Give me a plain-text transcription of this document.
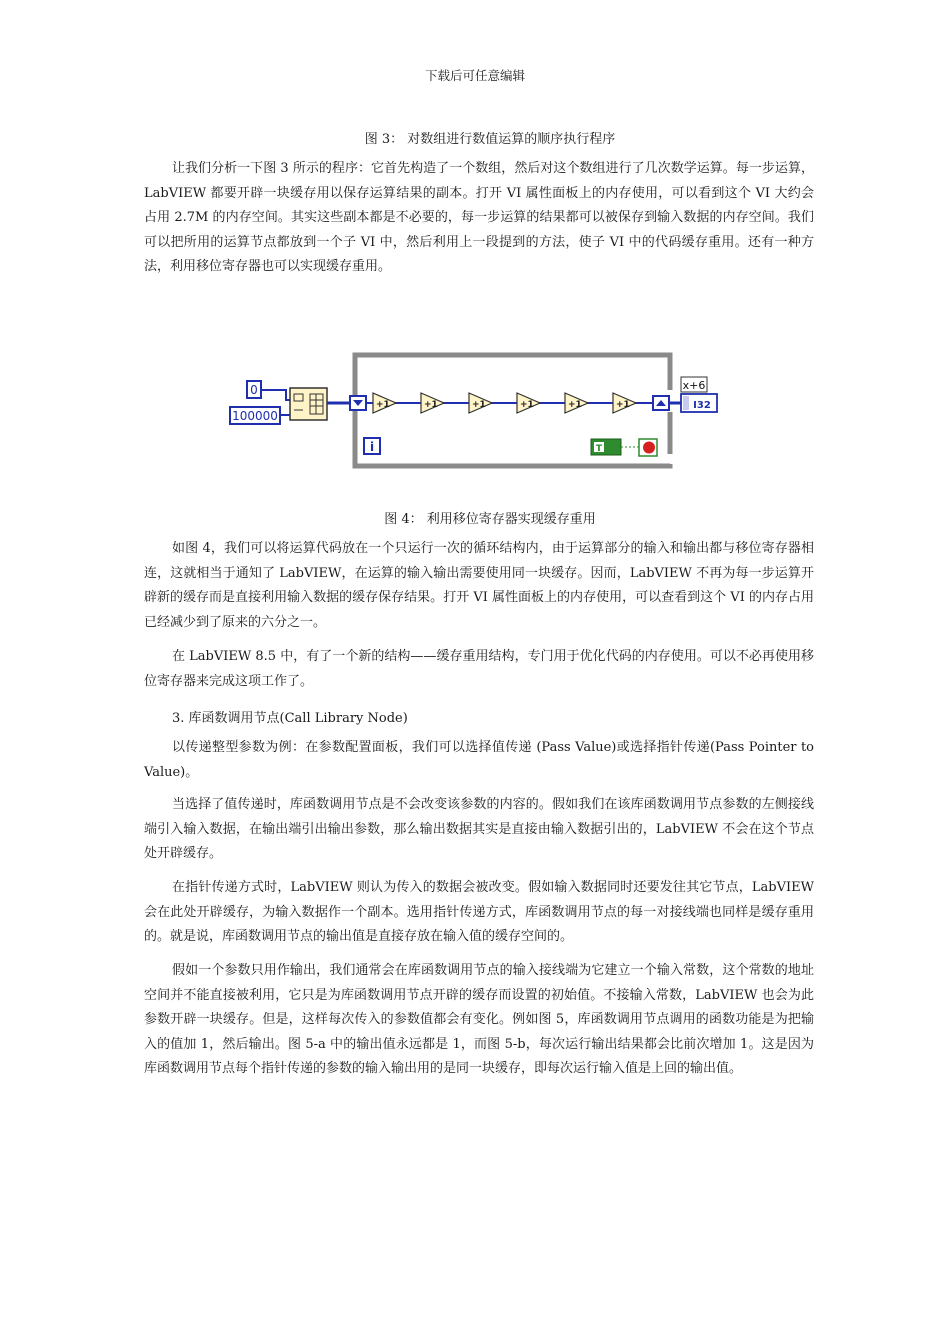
下载后可任意编辑
图 3： 对数组进行数值运算的顺序执行程序

让我们分析一下图 3 所示的程序：它首先构造了一个数组，然后对这个数组进行了几次数学运算。每一步运算，LabVIEW 都要开辟一块缓存用以保存运算结果的副本。打开 VI 属性面板上的内存使用，可以看到这个 VI 大约会占用 2.7M 的内存空间。其实这些副本都是不必要的，每一步运算的结果都可以被保存到输入数据的内存空间。我们可以把所用的运算节点都放到一个子 VI 中，然后利用上一段提到的方法，使子 VI 中的代码缓存重用。还有一种方法，利用移位寄存器也可以实现缓存重用。

0
100000
+1	+1	+1	+1	+1	+1
x+6
I32
i	T
图 4： 利用移位寄存器实现缓存重用

如图 4，我们可以将运算代码放在一个只运行一次的循环结构内，由于运算部分的输入和输出都与移位寄存器相连，这就相当于通知了 LabVIEW，在运算的输入输出需要使用同一块缓存。因而，LabVIEW 不再为每一步运算开辟新的缓存而是直接利用输入数据的缓存保存结果。打开 VI 属性面板上的内存使用，可以查看到这个 VI 的内存占用已经减少到了原来的六分之一。

在 LabVIEW 8.5 中，有了一个新的结构——缓存重用结构，专门用于优化代码的内存使用。可以不必再使用移位寄存器来完成这项工作了。

3. 库函数调用节点(Call Library Node)

以传递整型参数为例：在参数配置面板，我们可以选择值传递 (Pass Value)或选择指针传递(Pass Pointer to Value)。

当选择了值传递时，库函数调用节点是不会改变该参数的内容的。假如我们在该库函数调用节点参数的左侧接线端引入输入数据，在输出端引出输出参数，那么输出数据其实是直接由输入数据引出的，LabVIEW 不会在这个节点处开辟缓存。

在指针传递方式时，LabVIEW 则认为传入的数据会被改变。假如输入数据同时还要发往其它节点，LabVIEW 会在此处开辟缓存，为输入数据作一个副本。选用指针传递方式，库函数调用节点的每一对接线端也同样是缓存重用的。就是说，库函数调用节点的输出值是直接存放在输入值的缓存空间的。

假如一个参数只用作输出，我们通常会在库函数调用节点的输入接线端为它建立一个输入常数，这个常数的地址空间并不能直接被利用，它只是为库函数调用节点开辟的缓存而设置的初始值。不接输入常数，LabVIEW 也会为此参数开辟一块缓存。但是，这样每次传入的参数值都会有变化。例如图 5，库函数调用节点调用的函数功能是为把输入的值加 1，然后输出。图 5-a 中的输出值永远都是 1，而图 5-b，每次运行输出结果都会比前次增加 1。这是因为库函数调用节点每个指针传递的参数的输入输出用的是同一块缓存，即每次运行输入值是上回的输出值。
